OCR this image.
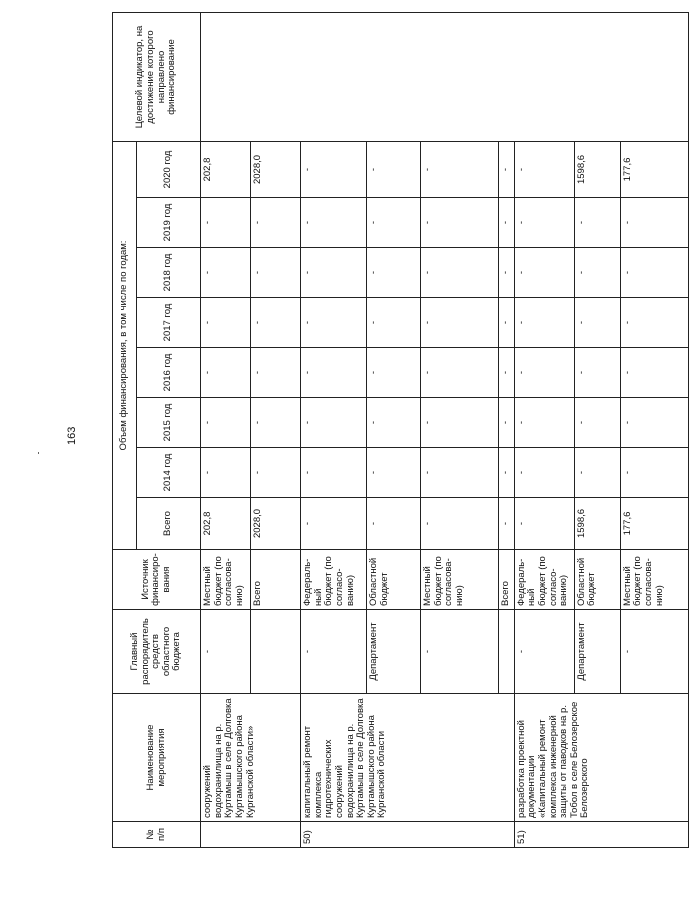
163
№ п/п	Наименование мероприятия	Главный распорядитель средств областного бюджета	Источник финансиро-вания	Объем финансирования, в том числе по годам:								Целевой индикатор, на достижение которого направлено финансирование
				Всего	2014 год	2015 год	2016 год	2017 год	2018 год	2019 год	2020 год	
	сооружений водохранилища на р. Куртамыш в селе Долговка Куртамышского района Курганской области»	-	Местный бюджет (по согласова-нию)	202,8	-	-	-	-	-	-	202,8	
			Всего	2028,0	-	-	-	-	-	-	2028,0	
50)	капитальный ремонт комплекса гидротехнических сооружений водохранилища на р. Куртамыш в селе Долговка Куртамышского района Курганской области	-	Федераль-ный бюджет (по согласо-ванию)	-	-	-	-	-	-	-	-	
		Департамент	Областной бюджет	-	-	-	-	-	-	-	-	
		-	Местный бюджет (по согласова-нию)	-	-	-	-	-	-	-	-	
			Всего	-	-	-	-	-	-	-	-	
51)	разработка проектной документации «Капитальный ремонт комплекса инженерной защиты от паводков на р. Тобол в селе Белозерское Белозерского	-	Федераль-ный бюджет (по согласо-ванию)	-	-	-	-	-	-	-	-	
		Департамент	Областной бюджет	1598,6	-	-	-	-	-	-	1598,6	
		-	Местный бюджет (по согласова-нию)	177,6	-	-	-	-	-	-	177,6	
